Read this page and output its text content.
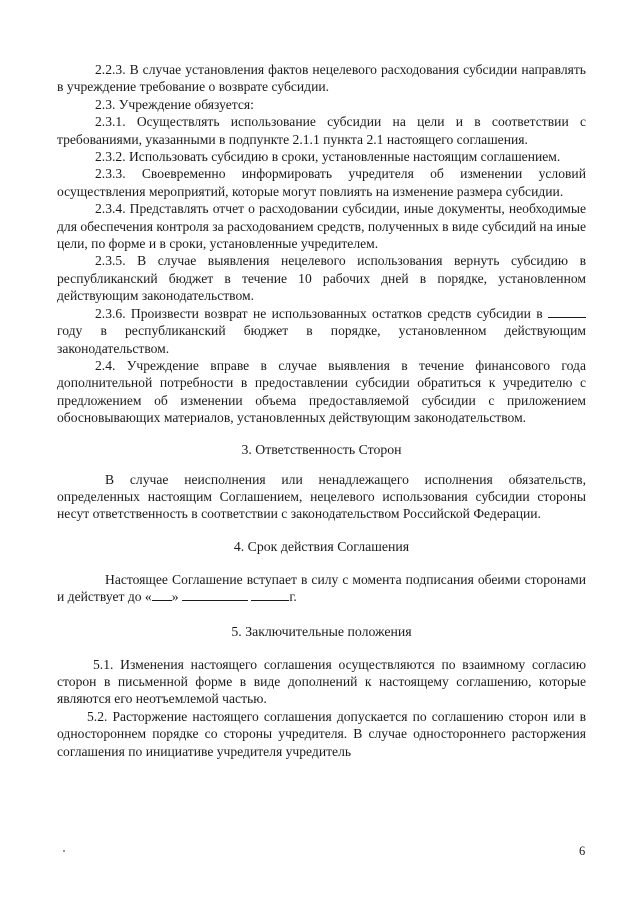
2.2.3. В случае установления фактов нецелевого расходования субсидии направлять в учреждение требование о возврате субсидии.

2.3. Учреждение обязуется:

2.3.1. Осуществлять использование субсидии на цели и в соответствии с требованиями, указанными в подпункте 2.1.1 пункта 2.1 настоящего соглашения.

2.3.2. Использовать субсидию в сроки, установленные настоящим соглашением.

2.3.3. Своевременно информировать учредителя об изменении условий осуществления мероприятий, которые могут повлиять на изменение размера субсидии.

2.3.4. Представлять отчет о расходовании субсидии, иные документы, необходимые для обеспечения контроля за расходованием средств, полученных в виде субсидий на иные цели, по форме и в сроки, установленные учредителем.

2.3.5. В случае выявления нецелевого использования вернуть субсидию в республиканский бюджет в течение 10 рабочих дней в порядке, установленном действующим законодательством.

2.3.6. Произвести возврат не использованных остатков средств субсидии в  году в республиканский бюджет в порядке, установленном действующим законодательством.

2.4. Учреждение вправе в случае выявления в течение финансового года дополнительной потребности в предоставлении субсидии обратиться к учредителю с предложением об изменении объема предоставляемой субсидии с приложением обосновывающих материалов, установленных действующим законодательством.

3. Ответственность Сторон

В случае неисполнения или ненадлежащего исполнения обязательств, определенных настоящим Соглашением, нецелевого использования субсидии стороны несут ответственность в соответствии с законодательством Российской Федерации.

4. Срок действия Соглашения

Настоящее Соглашение вступает в силу с момента подписания обеими сторонами и действует до « »	г.

5. Заключительные положения

5.1. Изменения настоящего соглашения осуществляются по взаимному согласию сторон в письменной форме в виде дополнений к настоящему соглашению, которые являются его неотъемлемой частью.

5.2. Расторжение настоящего соглашения допускается по соглашению сторон или в одностороннем порядке со стороны учредителя. В случае одностороннего расторжения соглашения по инициативе учредителя учредитель

6
